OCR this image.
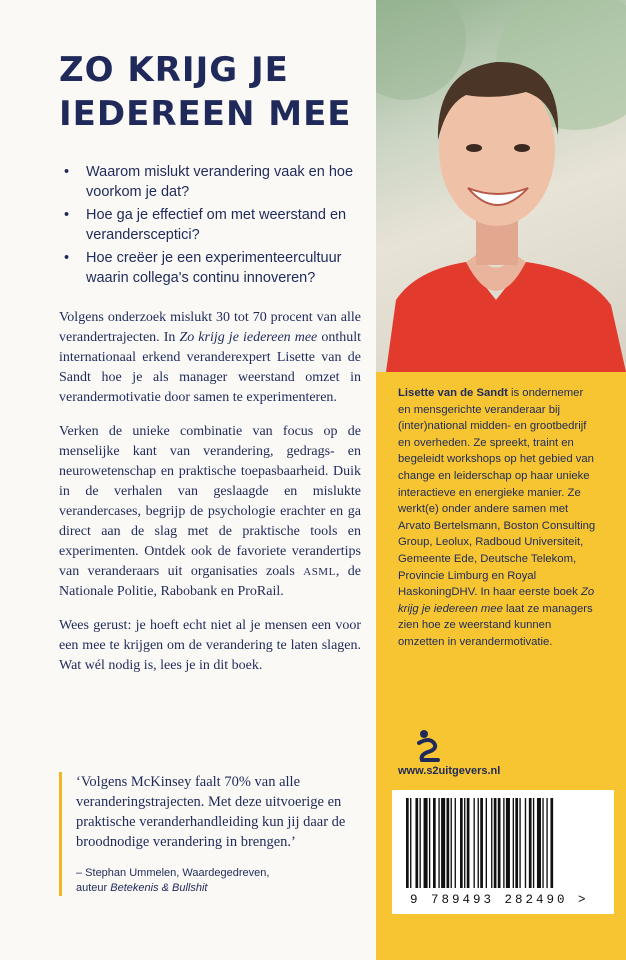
ZO KRIJG JE
IEDEREEN MEE
• Waarom mislukt verandering vaak en hoe voorkom je dat?
• Hoe ga je effectief om met weerstand en verandersceptici?
• Hoe creëer je een experimenteercultuur waarin collega's continu innoveren?

Volgens onderzoek mislukt 30 tot 70 procent van alle verandertrajecten. In Zo krijg je iedereen mee onthult internationaal erkend veranderexpert Lisette van de Sandt hoe je als manager weerstand omzet in verandermotivatie door samen te experimenteren.

Verken de unieke combinatie van focus op de menselijke kant van verandering, gedrags- en neurowetenschap en praktische toepasbaarheid. Duik in de verhalen van geslaagde en mislukte verandercases, begrijp de psychologie erachter en ga direct aan de slag met de praktische tools en experimenten. Ontdek ook de favoriete verandertips van veranderaars uit organisaties zoals ASML, de Nationale Politie, Rabobank en ProRail.

Wees gerust: je hoeft echt niet al je mensen een voor een mee te krijgen om de verandering te laten slagen. Wat wél nodig is, lees je in dit boek.

‘Volgens McKinsey faalt 70% van alle veranderingstrajecten. Met deze uitvoerige en praktische veranderhandleiding kun jij daar de broodnodige verandering in brengen.’

– Stephan Ummelen, Waardegedreven,
auteur Betekenis & Bullshit

Lisette van de Sandt is ondernemer en mensgerichte veranderaar bij (inter)national midden- en grootbedrijf en overheden. Ze spreekt, traint en begeleidt workshops op het gebied van change en leiderschap op haar unieke interactieve en energieke manier. Ze werkt(e) onder andere samen met Arvato Bertelsmann, Boston Consulting Group, Leolux, Radboud Universiteit, Gemeente Ede, Deutsche Telekom, Provincie Limburg en Royal HaskoningDHV. In haar eerste boek Zo krijg je iedereen mee laat ze managers zien hoe ze weerstand kunnen omzetten in verandermotivatie.
www.s2uitgevers.nl
9 789493 282490 >
